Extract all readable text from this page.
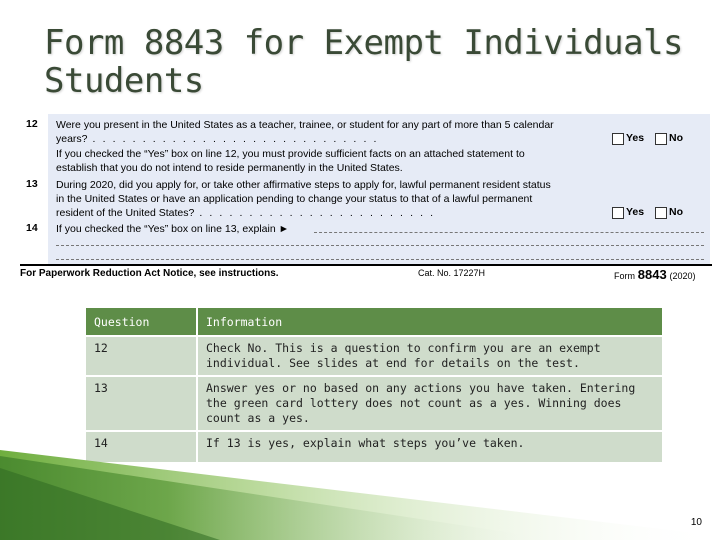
Form 8843 for Exempt Individuals Students
12 Were you present in the United States as a teacher, trainee, or student for any part of more than 5 calendar
years? . . . . . . . . . . . . . . . . . . . . . . . . . . . . .	Yes No
If you checked the “Yes” box on line 12, you must provide sufficient facts on an attached statement to
establish that you do not intend to reside permanently in the United States.
13 During 2020, did you apply for, or take other affirmative steps to apply for, lawful permanent resident status
in the United States or have an application pending to change your status to that of a lawful permanent
resident of the United States? . . . . . . . . . . . . . . . . . . . . . . . .	Yes No
14 If you checked the “Yes” box on line 13, explain ►
For Paperwork Reduction Act Notice, see instructions.	Cat. No. 17227H	Form 8843 (2020)
Question	Information
12	Check No. This is a question to confirm you are an exempt individual. See slides at end for details on the test.
13	Answer yes or no based on any actions you have taken. Entering the green card lottery does not count as a yes. Winning does count as a yes.
14	If 13 is yes, explain what steps you’ve taken.
10
